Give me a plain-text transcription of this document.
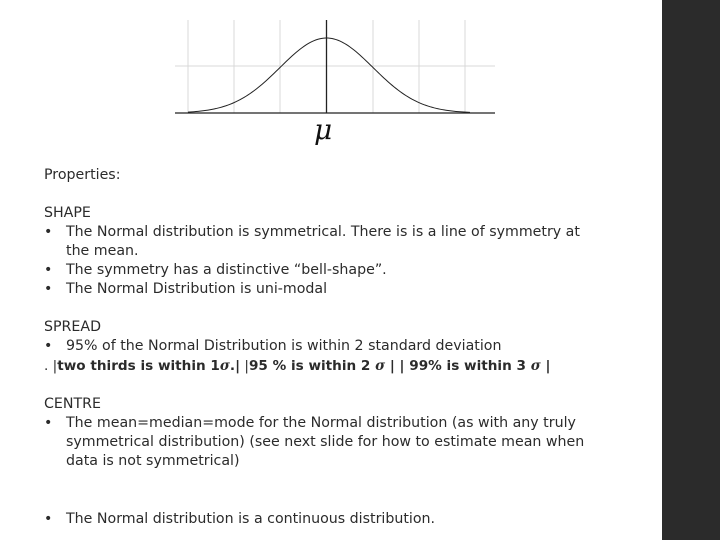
μ
Properties:
SHAPE
• The Normal distribution is symmetrical. There is is a line of symmetry at
the mean.
• The symmetry has a distinctive “bell-shape”.
• The Normal Distribution is uni-modal
SPREAD
• 95% of the Normal Distribution is within 2 standard deviation
. |two thirds is within 1σ.| |95 % is within 2 σ | | 99% is within 3 σ |
CENTRE
• The mean=median=mode for the Normal distribution (as with any truly
symmetrical distribution) (see next slide for how to estimate mean when
data is not symmetrical)
• The Normal distribution is a continuous distribution.
